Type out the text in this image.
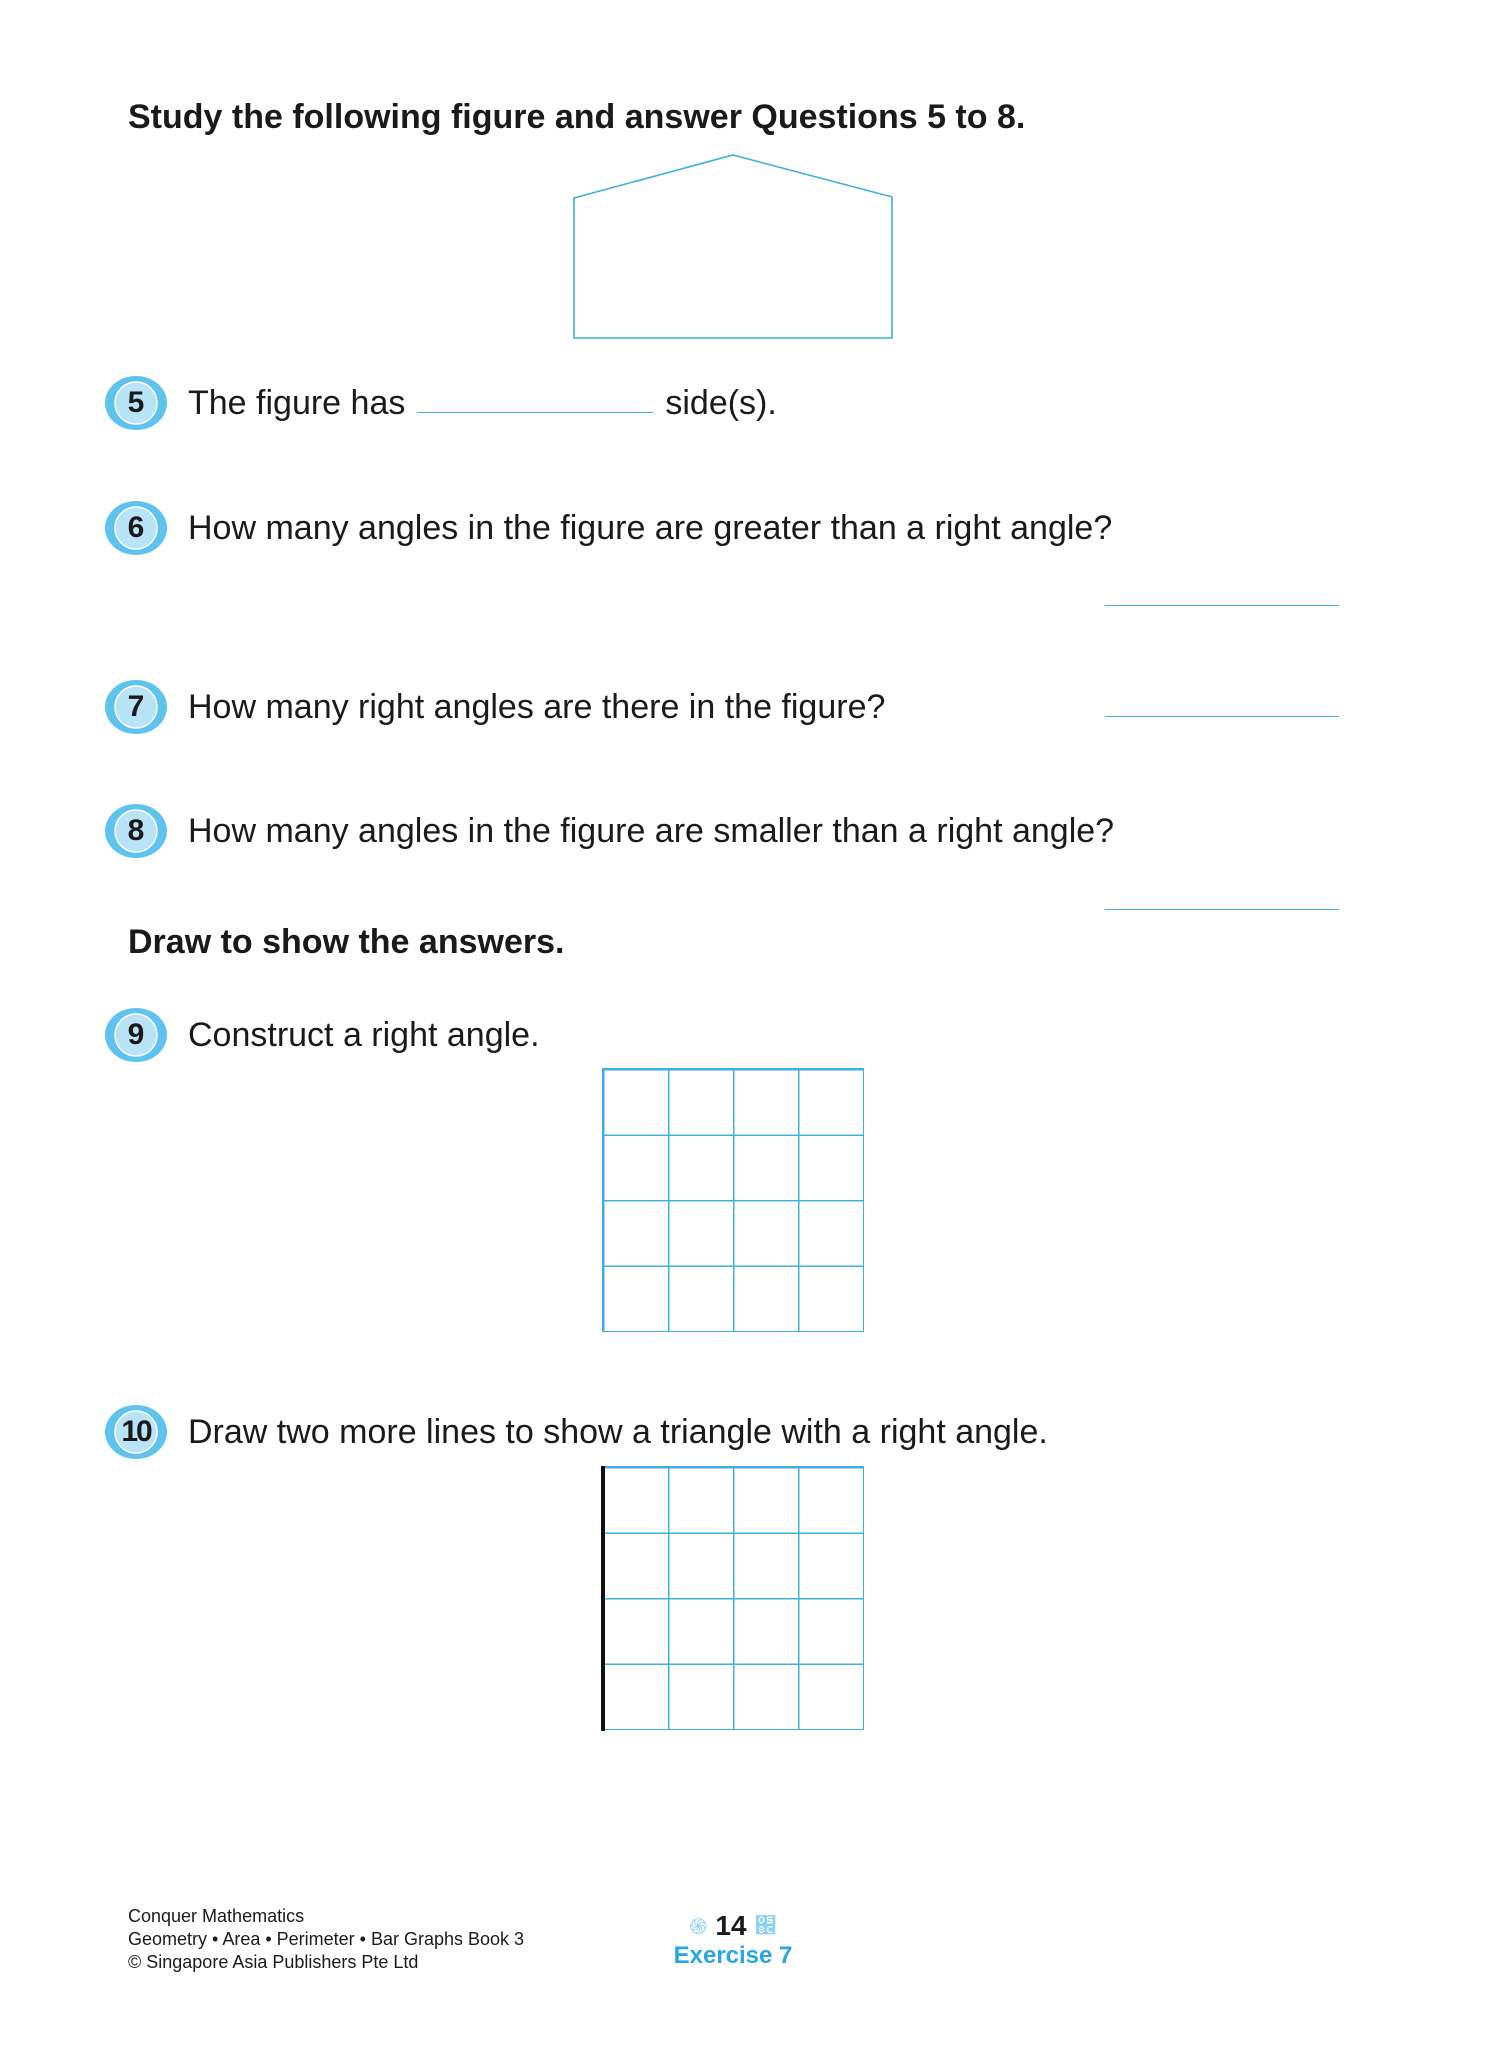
Study the following figure and answer Questions 5 to 8.
5	The figure has	side(s).
6	How many angles in the figure are greater than a right angle?
7	How many right angles are there in the figure?
8	How many angles in the figure are smaller than a right angle?
Draw to show the answers.
9	Construct a right angle.
10	Draw two more lines to show a triangle with a right angle.
Conquer Mathematics
Geometry • Area • Perimeter • Bar Graphs Book 3
© Singapore Asia Publishers Pte Ltd
֍ 14 ֌
Exercise 7
